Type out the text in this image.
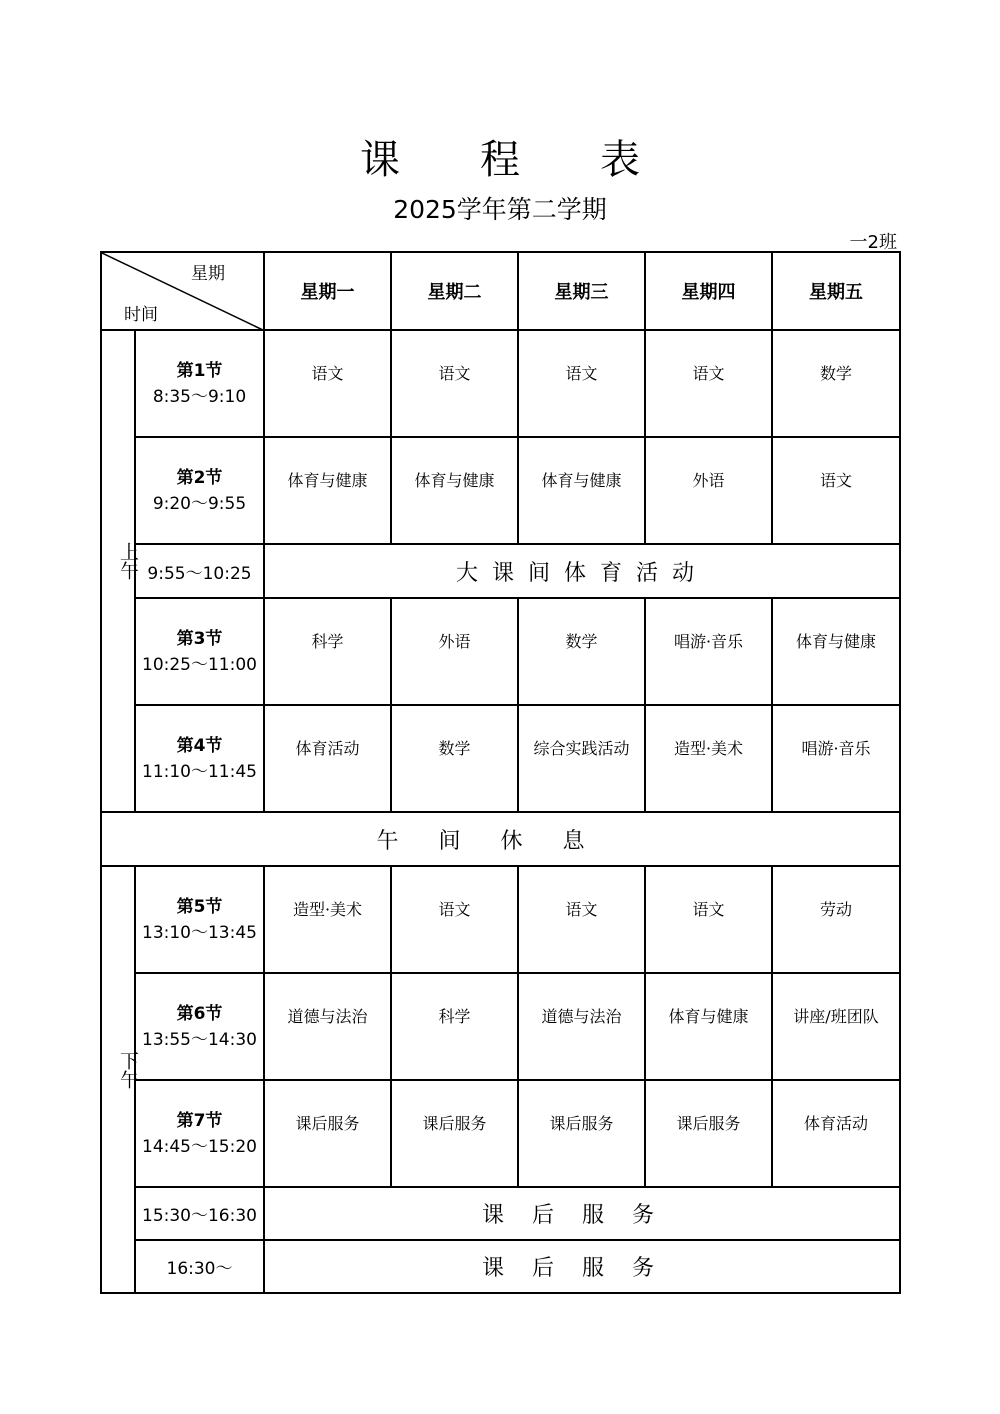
课 程 表
2025学年第二学期
一2班
星期
时间		星期一	星期二	星期三	星期四	星期五
上午	第1节
8:35～9:10	语文	语文	语文	语文	数学

	第2节
9:20～9:55	体育与健康	体育与健康	体育与健康	外语	语文
	9:55～10:25	大课间体育活动				

	第3节
10:25～11:00	科学	外语	数学	唱游·音乐	体育与健康

	第4节
11:10～11:45	体育活动	数学	综合实践活动	造型·美术	唱游·音乐
午间休息						
下午	第5节
13:10～13:45	造型·美术	语文	语文	语文	劳动

	第6节
13:55～14:30	道德与法治	科学	道德与法治	体育与健康	讲座/班团队

	第7节
14:45～15:20	课后服务	课后服务	课后服务	课后服务	体育活动
	15:30～16:30	课后服务				
	16:30～	课后服务				
